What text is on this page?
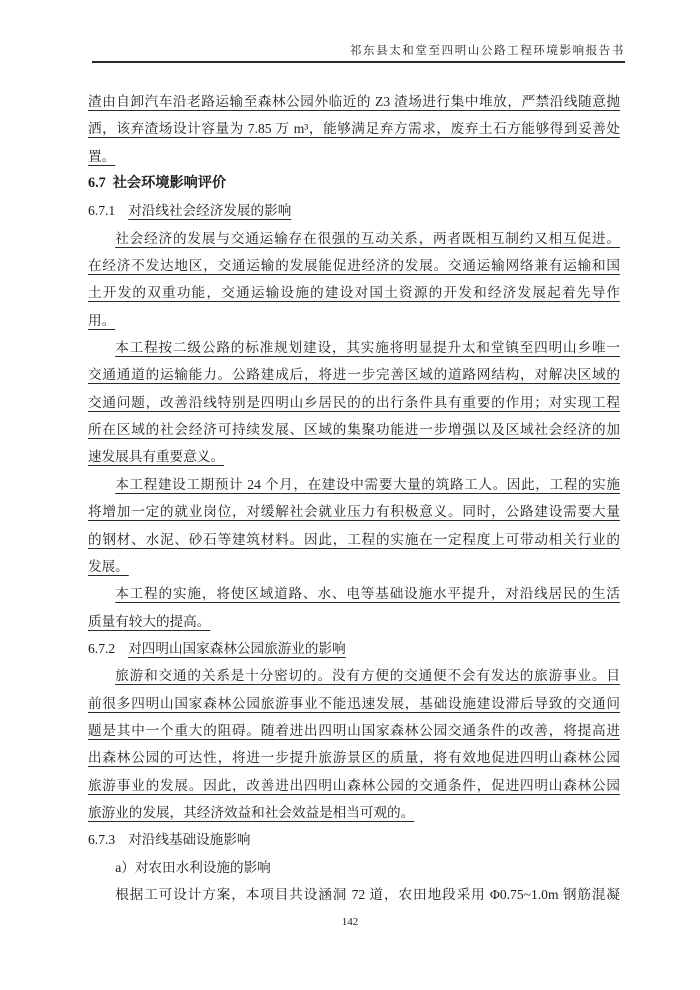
祁东县太和堂至四明山公路工程环境影响报告书
渣由自卸汽车沿老路运输至森林公园外临近的 Z3 渣场进行集中堆放，严禁沿线随意抛
洒，该弃渣场设计容量为 7.85 万 m³，能够满足弃方需求，废弃土石方能够得到妥善处
置。
6.7 社会环境影响评价
6.7.1 对沿线社会经济发展的影响
社会经济的发展与交通运输存在很强的互动关系，两者既相互制约又相互促进。
在经济不发达地区，交通运输的发展能促进经济的发展。交通运输网络兼有运输和国
土开发的双重功能，交通运输设施的建设对国土资源的开发和经济发展起着先导作
用。
本工程按二级公路的标准规划建设，其实施将明显提升太和堂镇至四明山乡唯一
交通通道的运输能力。公路建成后，将进一步完善区域的道路网结构，对解决区域的
交通问题，改善沿线特别是四明山乡居民的的出行条件具有重要的作用；对实现工程
所在区域的社会经济可持续发展、区域的集聚功能进一步增强以及区域社会经济的加
速发展具有重要意义。
本工程建设工期预计 24 个月，在建设中需要大量的筑路工人。因此，工程的实施
将增加一定的就业岗位，对缓解社会就业压力有积极意义。同时，公路建设需要大量
的钢材、水泥、砂石等建筑材料。因此，工程的实施在一定程度上可带动相关行业的
发展。
本工程的实施，将使区域道路、水、电等基础设施水平提升，对沿线居民的生活
质量有较大的提高。
6.7.2 对四明山国家森林公园旅游业的影响
旅游和交通的关系是十分密切的。没有方便的交通便不会有发达的旅游事业。目
前很多四明山国家森林公园旅游事业不能迅速发展，基础设施建设滞后导致的交通问
题是其中一个重大的阻碍。随着进出四明山国家森林公园交通条件的改善，将提高进
出森林公园的可达性，将进一步提升旅游景区的质量，将有效地促进四明山森林公园
旅游事业的发展。因此，改善进出四明山森林公园的交通条件，促进四明山森林公园
旅游业的发展，其经济效益和社会效益是相当可观的。
6.7.3 对沿线基础设施影响
a）对农田水利设施的影响
根据工可设计方案，本项目共设涵洞 72 道，农田地段采用 Φ0.75~1.0m 钢筋混凝
142
